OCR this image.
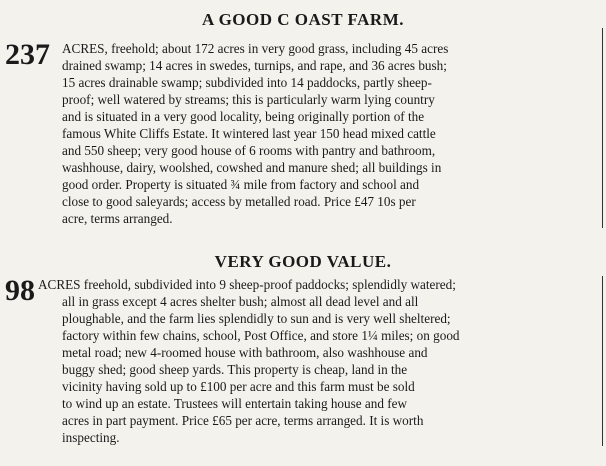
A GOOD C OAST FARM.
237 ACRES, freehold; about 172 acres in very good grass, including 45 acres
drained swamp; 14 acres in swedes, turnips, and rape, and 36 acres bush;
15 acres drainable swamp; subdivided into 14 paddocks, partly sheep-
proof; well watered by streams; this is particularly warm lying country
and is situated in a very good locality, being originally portion of the
famous White Cliffs Estate. It wintered last year 150 head mixed cattle
and 550 sheep; very good house of 6 rooms with pantry and bathroom,
washhouse, dairy, woolshed, cowshed and manure shed; all buildings in
good order. Property is situated ¾ mile from factory and school and
close to good saleyards; access by metalled road. Price £47 10s per
acre, terms arranged.
VERY GOOD VALUE.
98 ACRES freehold, subdivided into 9 sheep-proof paddocks; splendidly watered;
all in grass except 4 acres shelter bush; almost all dead level and all
ploughable, and the farm lies splendidly to sun and is very well sheltered;
factory within few chains, school, Post Office, and store 1¼ miles; on good
metal road; new 4-roomed house with bathroom, also washhouse and
buggy shed; good sheep yards. This property is cheap, land in the
vicinity having sold up to £100 per acre and this farm must be sold
to wind up an estate. Trustees will entertain taking house and few
acres in part payment. Price £65 per acre, terms arranged. It is worth
inspecting.
